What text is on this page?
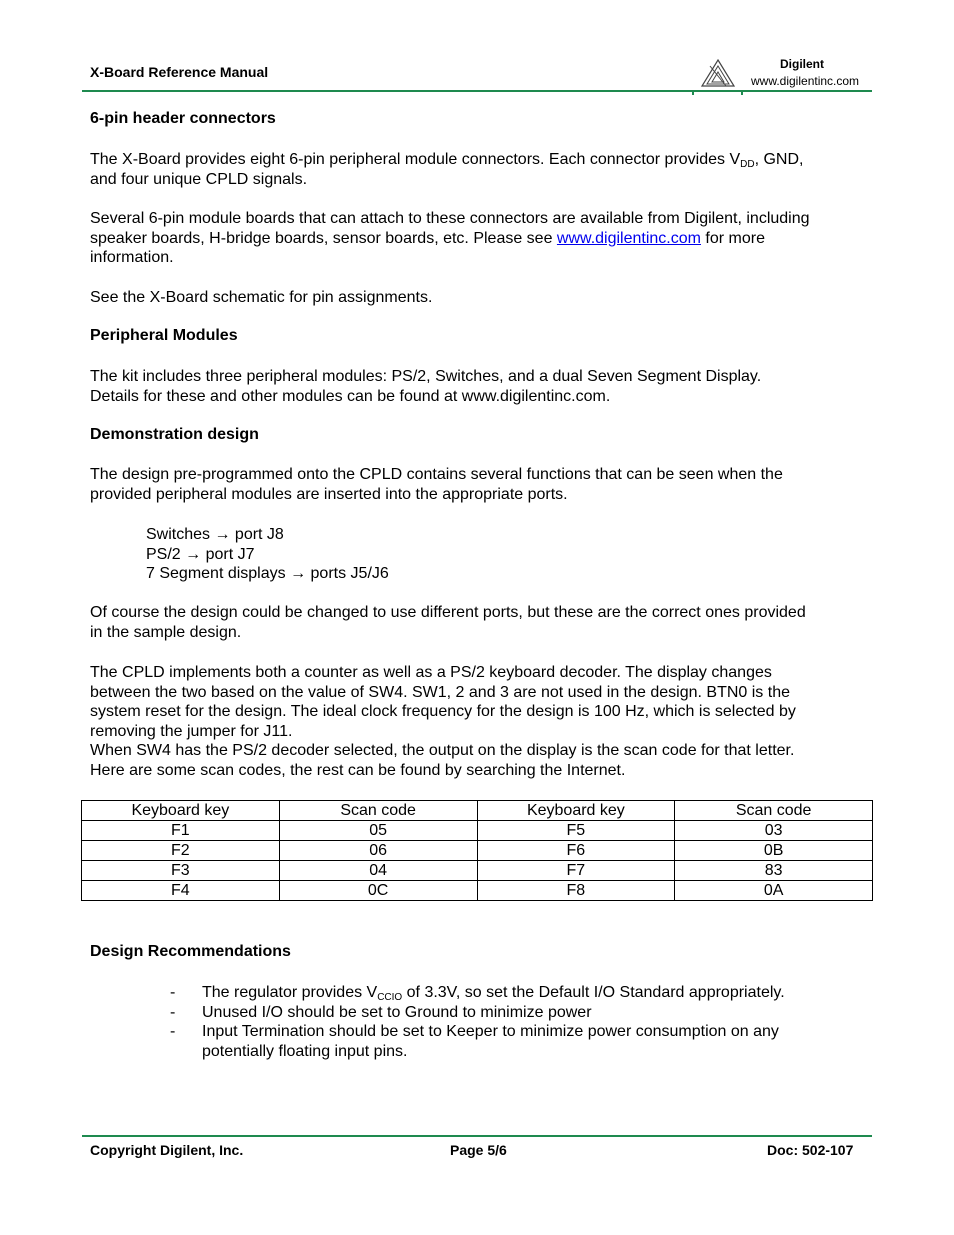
X-Board Reference Manual	Digilent
www.digilentinc.com
6-pin header connectors
The X-Board provides eight 6-pin peripheral module connectors. Each connector provides $V_{DD}$, GND,
and four unique CPLD signals.
Several 6-pin module boards that can attach to these connectors are available from Digilent, including
speaker boards, H-bridge boards, sensor boards, etc. Please see www.digilentinc.com for more
information.
See the X-Board schematic for pin assignments.
Peripheral Modules
The kit includes three peripheral modules: PS/2, Switches, and a dual Seven Segment Display.
Details for these and other modules can be found at www.digilentinc.com.
Demonstration design
The design pre-programmed onto the CPLD contains several functions that can be seen when the
provided peripheral modules are inserted into the appropriate ports.
Switches → port J8
PS/2 → port J7
7 Segment displays → ports J5/J6
Of course the design could be changed to use different ports, but these are the correct ones provided
in the sample design.
The CPLD implements both a counter as well as a PS/2 keyboard decoder. The display changes
between the two based on the value of SW4. SW1, 2 and 3 are not used in the design. BTN0 is the
system reset for the design. The ideal clock frequency for the design is 100 Hz, which is selected by
removing the jumper for J11.
When SW4 has the PS/2 decoder selected, the output on the display is the scan code for that letter.
Here are some scan codes, the rest can be found by searching the Internet.
Keyboard key	Scan code	Keyboard key	Scan code
F1	05	F5	03
F2	06	F6	0B
F3	04	F7	83
F4	0C	F8	0A
Design Recommendations
-	The regulator provides $V_{CCIO}$ of 3.3V, so set the Default I/O Standard appropriately.
-	Unused I/O should be set to Ground to minimize power
-	Input Termination should be set to Keeper to minimize power consumption on any potentially floating input pins.
Copyright Digilent, Inc.	Page 5/6	Doc: 502-107
